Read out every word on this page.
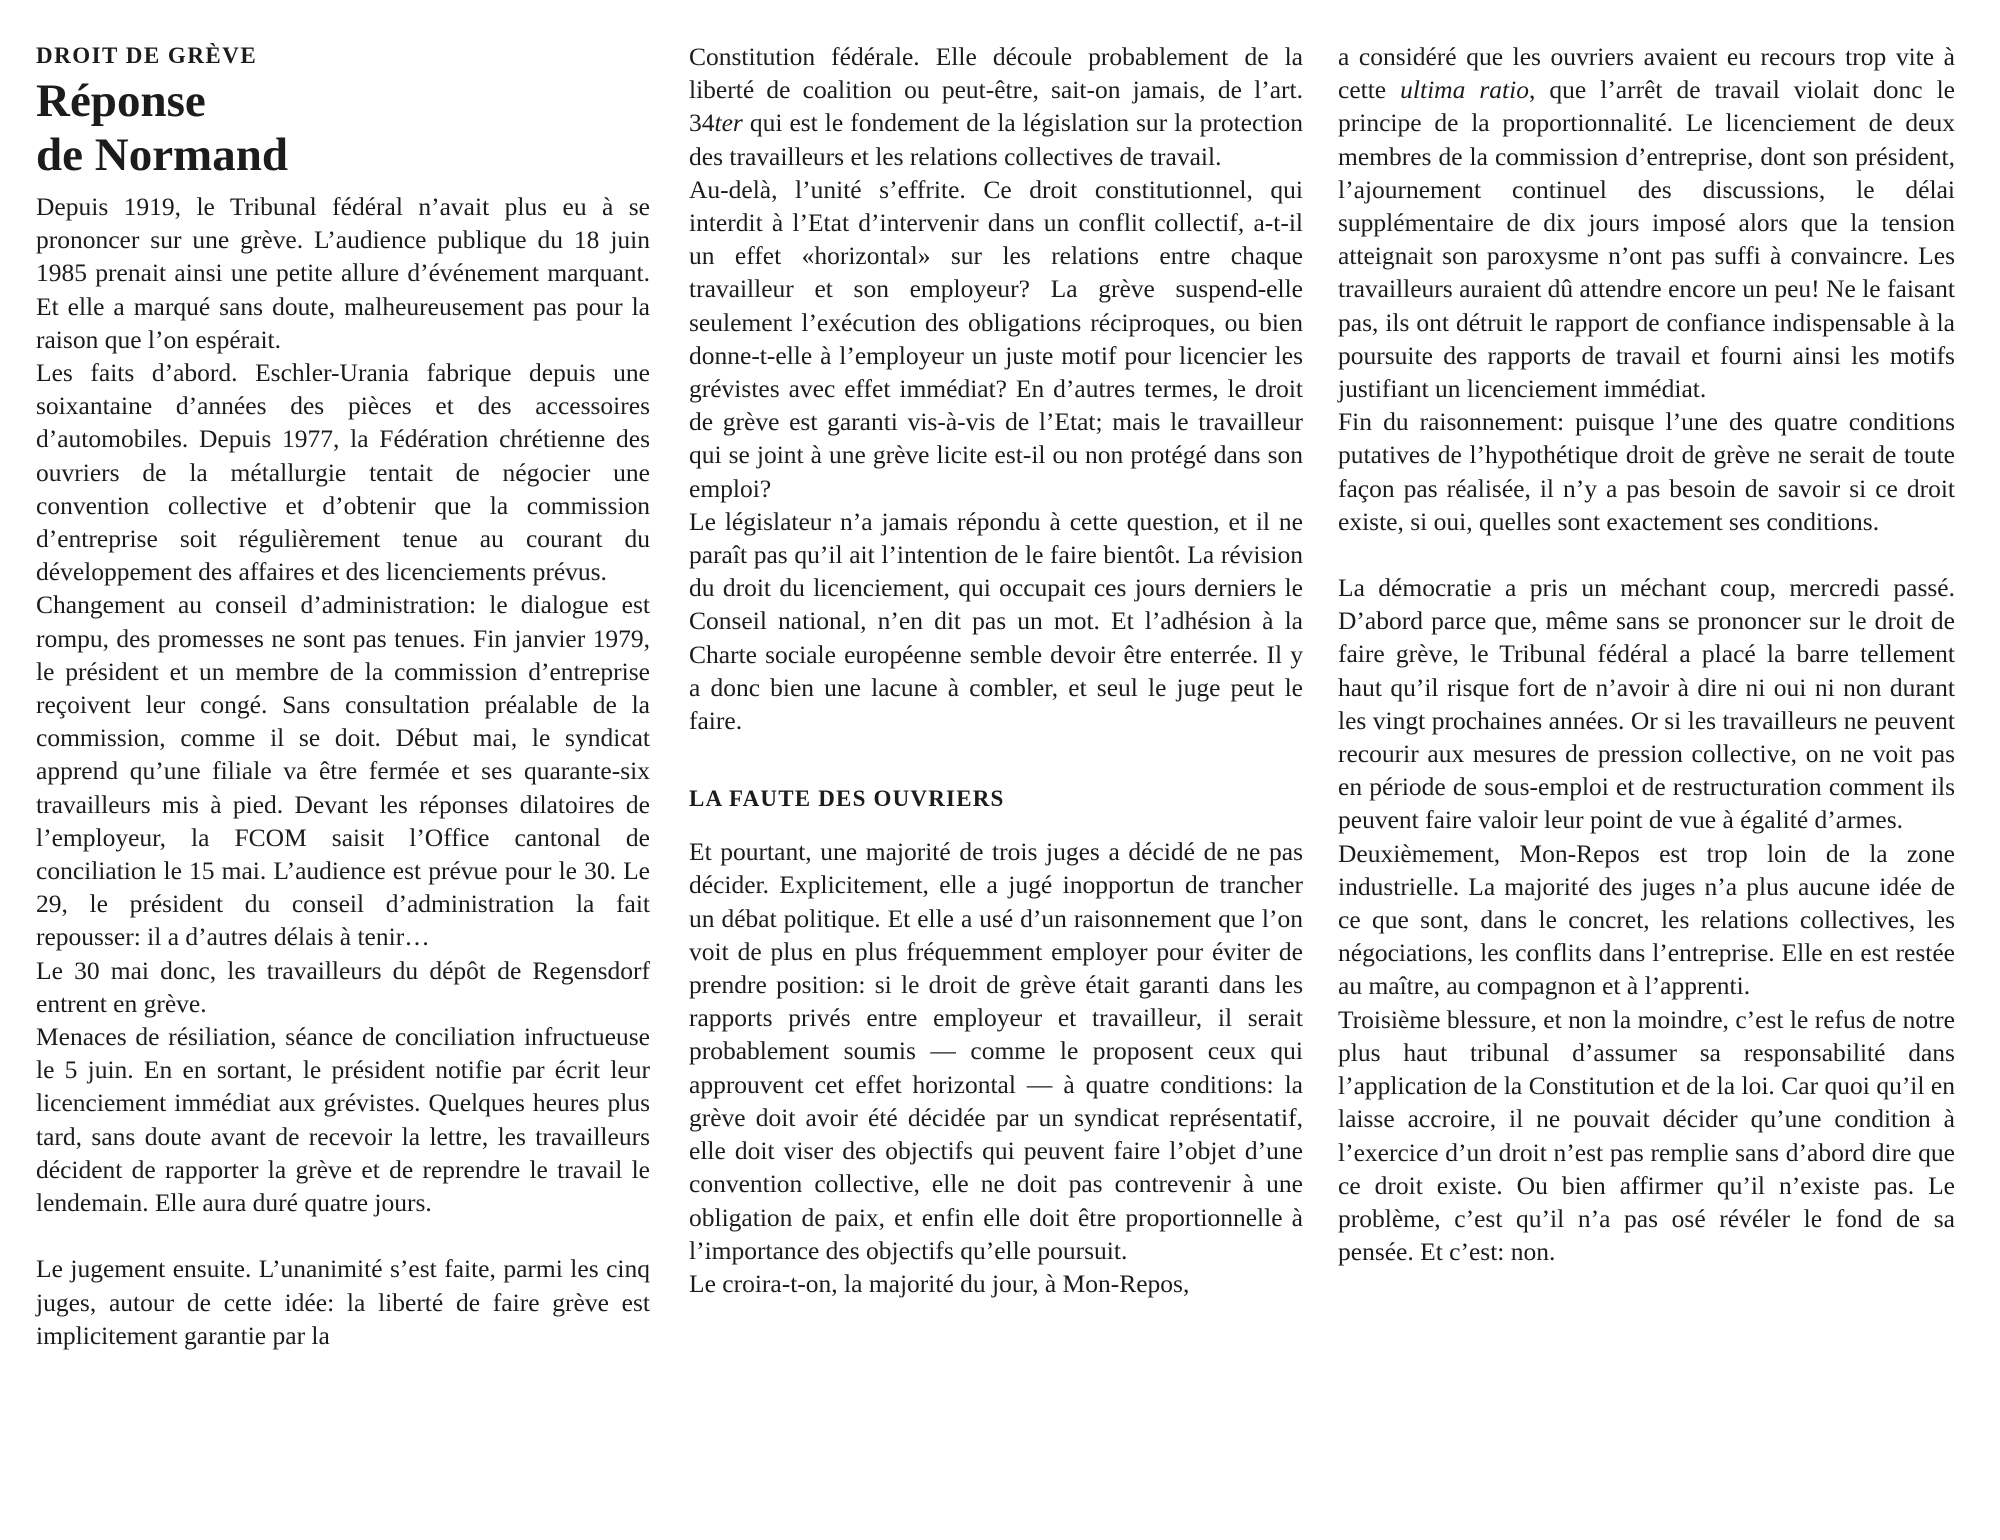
DROIT DE GRÈVE
Réponse
de Normand

Depuis 1919, le Tribunal fédéral n’avait plus eu à se prononcer sur une grève. L’audience publique du 18 juin 1985 prenait ainsi une petite allure d’événement marquant. Et elle a marqué sans doute, malheureusement pas pour la raison que l’on espérait.

Les faits d’abord. Eschler-Urania fabrique depuis une soixantaine d’années des pièces et des accessoires d’automobiles. Depuis 1977, la Fédération chrétienne des ouvriers de la métallurgie tentait de négocier une convention collective et d’obtenir que la commission d’entreprise soit régulièrement tenue au courant du développement des affaires et des licenciements prévus.

Changement au conseil d’administration: le dialogue est rompu, des promesses ne sont pas tenues. Fin janvier 1979, le président et un membre de la commission d’entreprise reçoivent leur congé. Sans consultation préalable de la commission, comme il se doit. Début mai, le syndicat apprend qu’une filiale va être fermée et ses quarante-six travailleurs mis à pied. Devant les réponses dilatoires de l’employeur, la FCOM saisit l’Office cantonal de conciliation le 15 mai. L’audience est prévue pour le 30. Le 29, le président du conseil d’administration la fait repousser: il a d’autres délais à tenir…

Le 30 mai donc, les travailleurs du dépôt de Regensdorf entrent en grève.

Menaces de résiliation, séance de conciliation infructueuse le 5 juin. En en sortant, le président notifie par écrit leur licenciement immédiat aux grévistes. Quelques heures plus tard, sans doute avant de recevoir la lettre, les travailleurs décident de rapporter la grève et de reprendre le travail le lendemain. Elle aura duré quatre jours.

Le jugement ensuite. L’unanimité s’est faite, parmi les cinq juges, autour de cette idée: la liberté de faire grève est implicitement garantie par la

Constitution fédérale. Elle découle probablement de la liberté de coalition ou peut-être, sait-on jamais, de l’art. 34ter qui est le fondement de la législation sur la protection des travailleurs et les relations collectives de travail.

Au-delà, l’unité s’effrite. Ce droit constitutionnel, qui interdit à l’Etat d’intervenir dans un conflit collectif, a-t-il un effet «horizontal» sur les relations entre chaque travailleur et son employeur? La grève suspend-elle seulement l’exécution des obligations réciproques, ou bien donne-t-elle à l’employeur un juste motif pour licencier les grévistes avec effet immédiat? En d’autres termes, le droit de grève est garanti vis-à-vis de l’Etat; mais le travailleur qui se joint à une grève licite est-il ou non protégé dans son emploi?

Le législateur n’a jamais répondu à cette question, et il ne paraît pas qu’il ait l’intention de le faire bientôt. La révision du droit du licenciement, qui occupait ces jours derniers le Conseil national, n’en dit pas un mot. Et l’adhésion à la Charte sociale européenne semble devoir être enterrée. Il y a donc bien une lacune à combler, et seul le juge peut le faire.

LA FAUTE DES OUVRIERS

Et pourtant, une majorité de trois juges a décidé de ne pas décider. Explicitement, elle a jugé inopportun de trancher un débat politique. Et elle a usé d’un raisonnement que l’on voit de plus en plus fréquemment employer pour éviter de prendre position: si le droit de grève était garanti dans les rapports privés entre employeur et travailleur, il serait probablement soumis — comme le proposent ceux qui approuvent cet effet horizontal — à quatre conditions: la grève doit avoir été décidée par un syndicat représentatif, elle doit viser des objectifs qui peuvent faire l’objet d’une convention collective, elle ne doit pas contrevenir à une obligation de paix, et enfin elle doit être proportionnelle à l’importance des objectifs qu’elle poursuit.

Le croira-t-on, la majorité du jour, à Mon-Repos,

a considéré que les ouvriers avaient eu recours trop vite à cette ultima ratio, que l’arrêt de travail violait donc le principe de la proportionnalité. Le licenciement de deux membres de la commission d’entreprise, dont son président, l’ajournement continuel des discussions, le délai supplémentaire de dix jours imposé alors que la tension atteignait son paroxysme n’ont pas suffi à convaincre. Les travailleurs auraient dû attendre encore un peu! Ne le faisant pas, ils ont détruit le rapport de confiance indispensable à la poursuite des rapports de travail et fourni ainsi les motifs justifiant un licenciement immédiat.

Fin du raisonnement: puisque l’une des quatre conditions putatives de l’hypothétique droit de grève ne serait de toute façon pas réalisée, il n’y a pas besoin de savoir si ce droit existe, si oui, quelles sont exactement ses conditions.

La démocratie a pris un méchant coup, mercredi passé. D’abord parce que, même sans se prononcer sur le droit de faire grève, le Tribunal fédéral a placé la barre tellement haut qu’il risque fort de n’avoir à dire ni oui ni non durant les vingt prochaines années. Or si les travailleurs ne peuvent recourir aux mesures de pression collective, on ne voit pas en période de sous-emploi et de restructuration comment ils peuvent faire valoir leur point de vue à égalité d’armes.

Deuxièmement, Mon-Repos est trop loin de la zone industrielle. La majorité des juges n’a plus aucune idée de ce que sont, dans le concret, les relations collectives, les négociations, les conflits dans l’entreprise. Elle en est restée au maître, au compagnon et à l’apprenti.

Troisième blessure, et non la moindre, c’est le refus de notre plus haut tribunal d’assumer sa responsabilité dans l’application de la Constitution et de la loi. Car quoi qu’il en laisse accroire, il ne pouvait décider qu’une condition à l’exercice d’un droit n’est pas remplie sans d’abord dire que ce droit existe. Ou bien affirmer qu’il n’existe pas. Le problème, c’est qu’il n’a pas osé révéler le fond de sa pensée. Et c’est: non.
